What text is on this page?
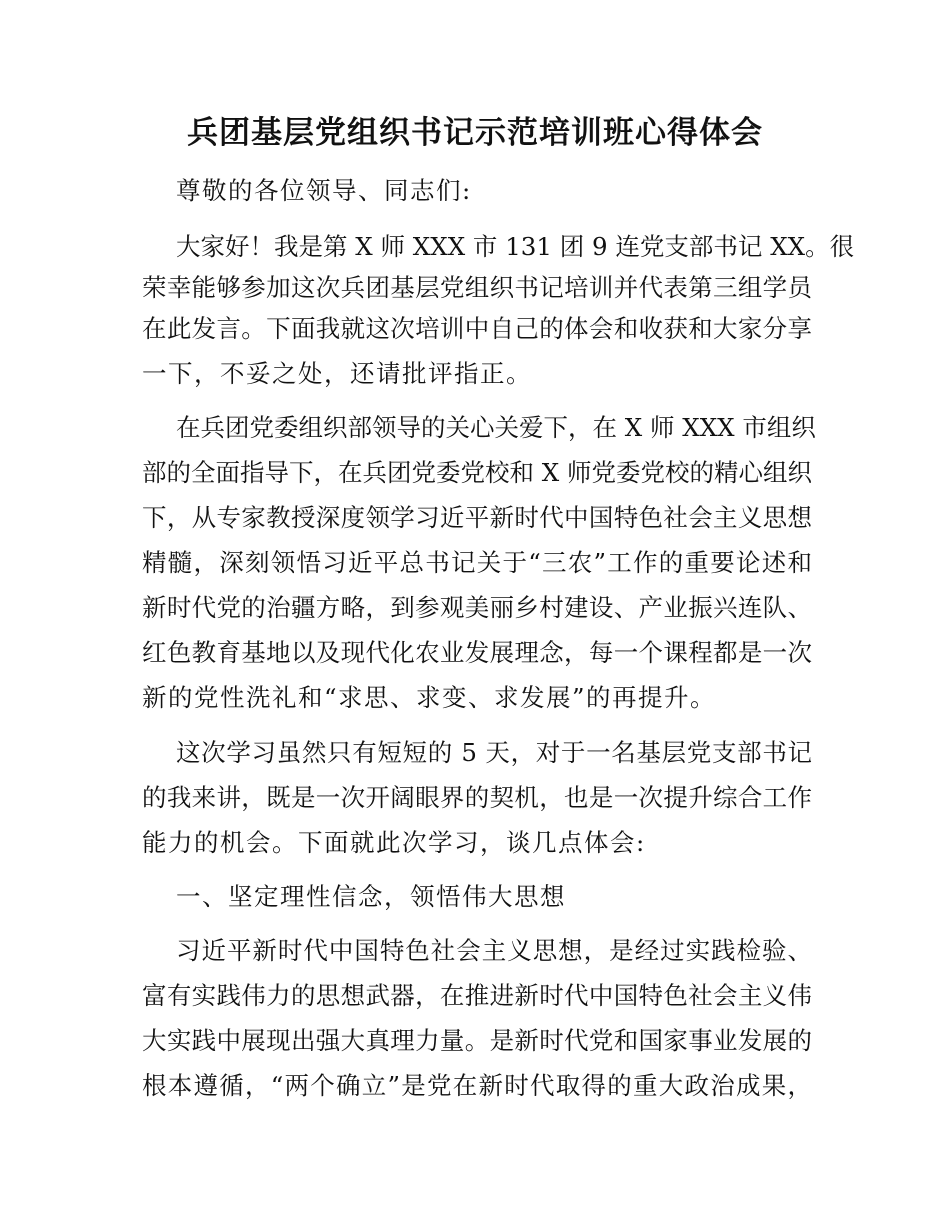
兵团基层党组织书记示范培训班心得体会

尊敬的各位领导、同志们:

大家好！我是第 X 师 XXX 市 131 团 9 连党支部书记 XX。很

荣幸能够参加这次兵团基层党组织书记培训并代表第三组学员

在此发言。下面我就这次培训中自己的体会和收获和大家分享

一下，不妥之处，还请批评指正。

在兵团党委组织部领导的关心关爱下，在 X 师 XXX 市组织

部的全面指导下，在兵团党委党校和 X 师党委党校的精心组织

下，从专家教授深度领学习近平新时代中国特色社会主义思想

精髓，深刻领悟习近平总书记关于“三农”工作的重要论述和

新时代党的治疆方略，到参观美丽乡村建设、产业振兴连队、

红色教育基地以及现代化农业发展理念，每一个课程都是一次

新的党性洗礼和“求思、求变、求发展”的再提升。

这次学习虽然只有短短的 5 天，对于一名基层党支部书记

的我来讲，既是一次开阔眼界的契机，也是一次提升综合工作

能力的机会。下面就此次学习，谈几点体会:

一、坚定理性信念，领悟伟大思想

习近平新时代中国特色社会主义思想，是经过实践检验、

富有实践伟力的思想武器，在推进新时代中国特色社会主义伟

大实践中展现出强大真理力量。是新时代党和国家事业发展的

根本遵循，“两个确立”是党在新时代取得的重大政治成果，
